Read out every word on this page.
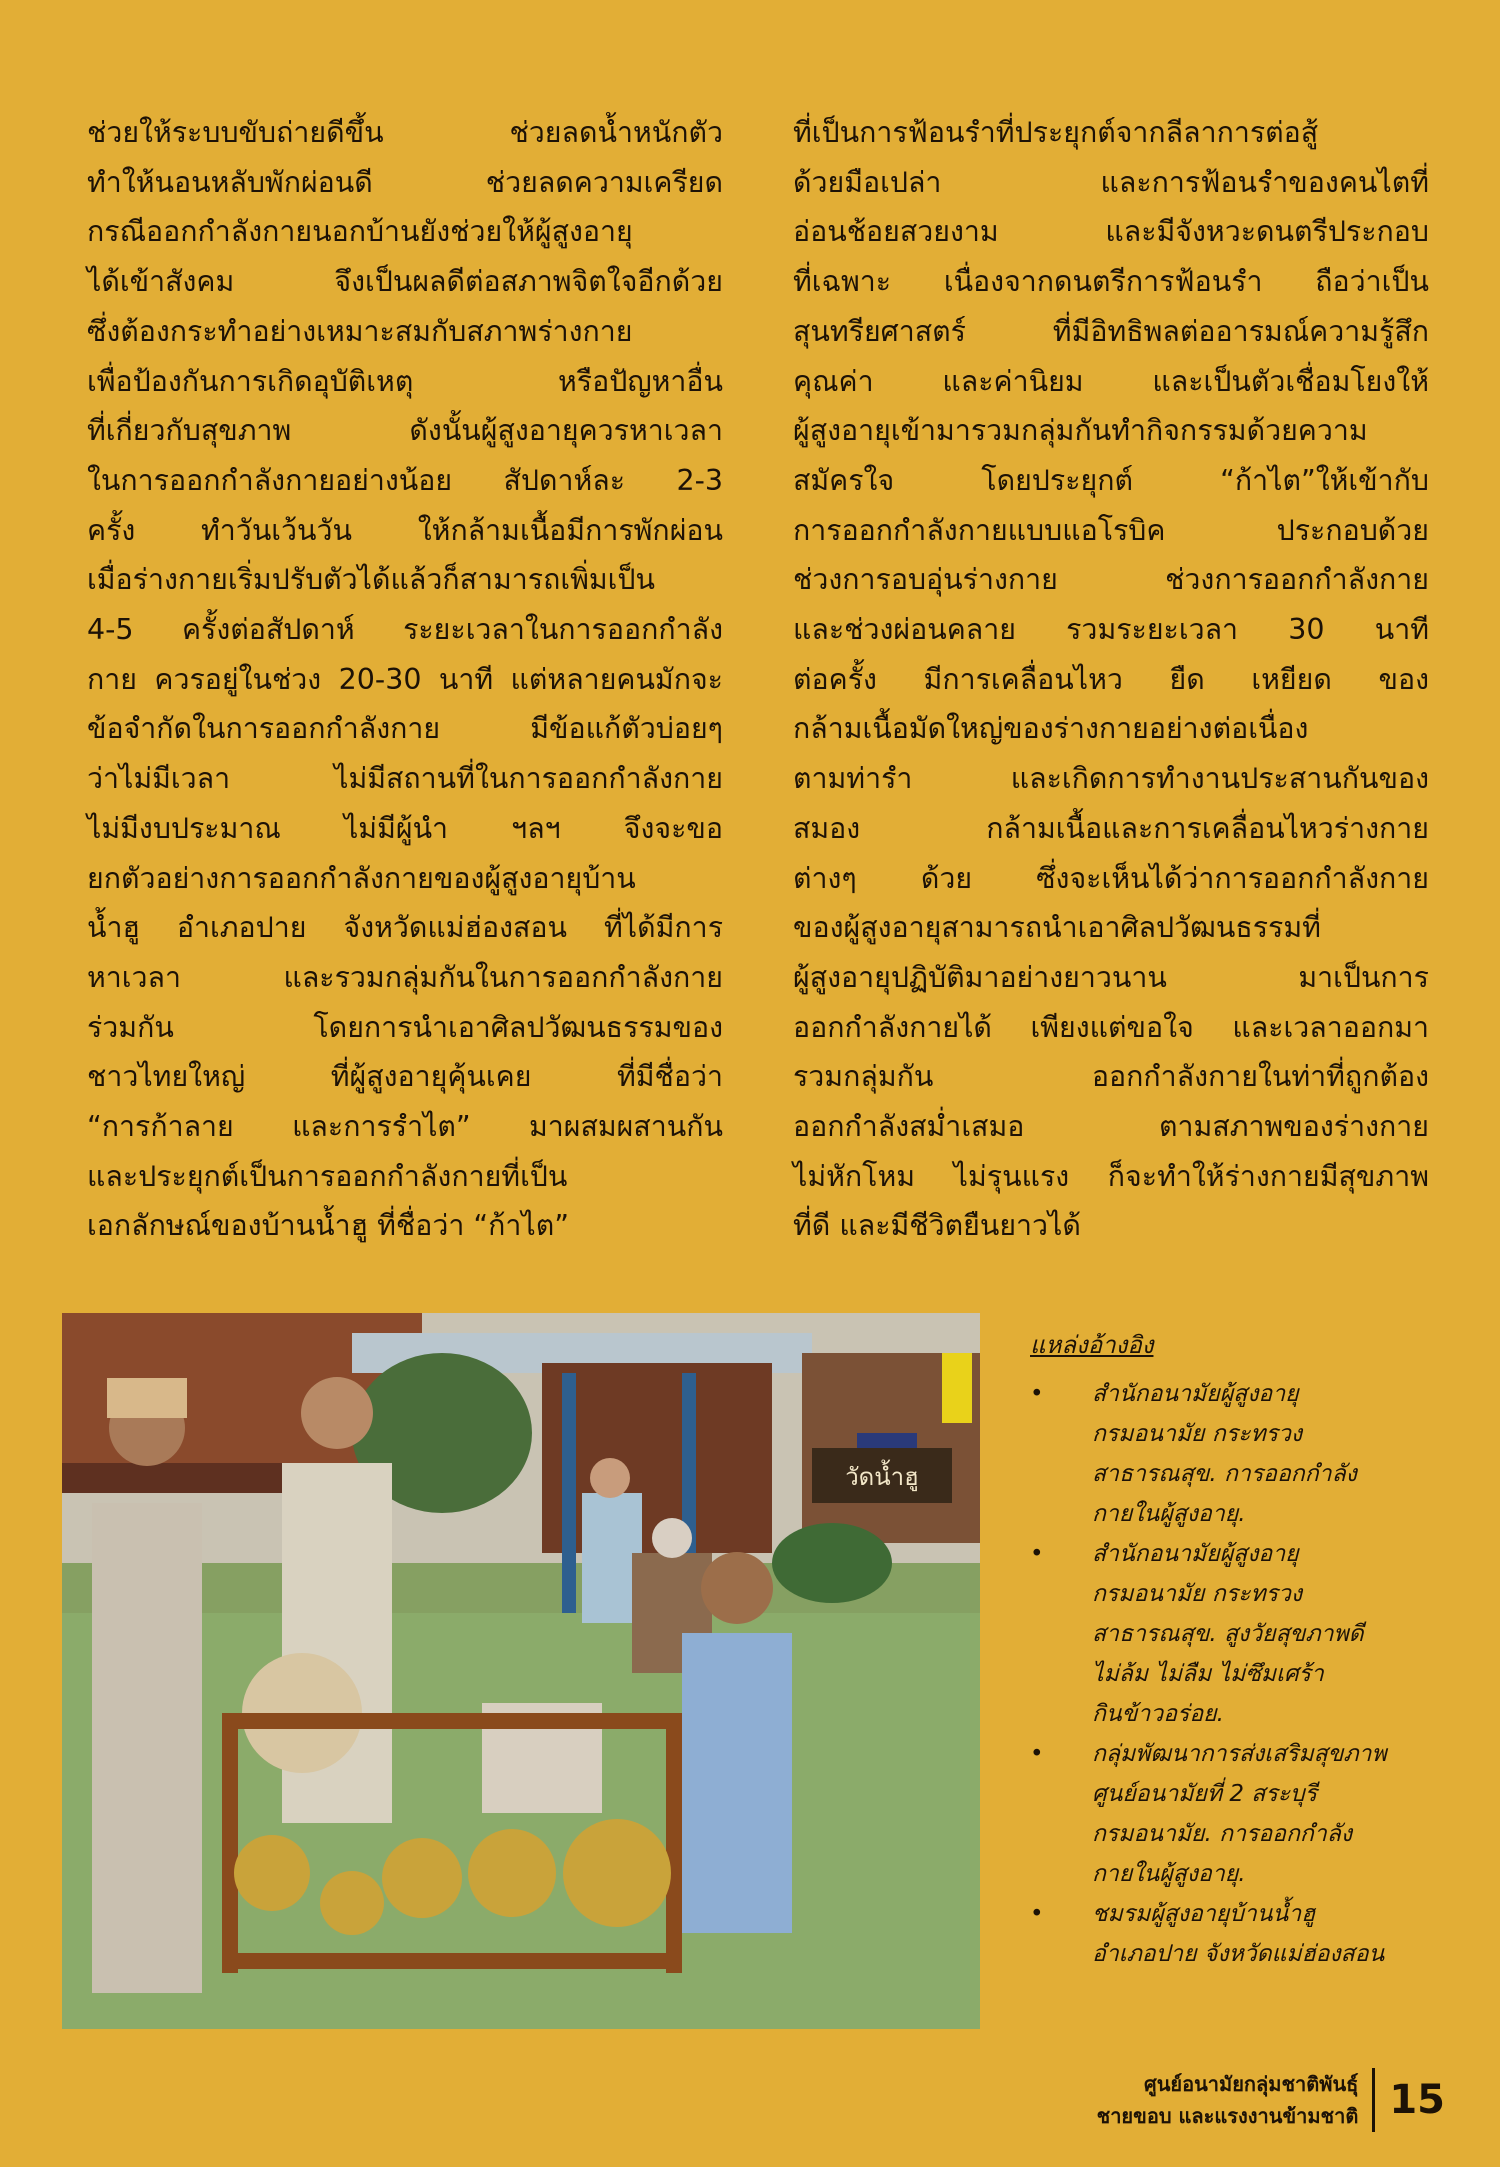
ช่วยให้ระบบขับถ่ายดีขึ้น ช่วยลดน้ำหนักตัว
ทำให้นอนหลับพักผ่อนดี ช่วยลดความเครียด
กรณีออกกำลังกายนอกบ้านยังช่วยให้ผู้สูงอายุ
ได้เข้าสังคม จึงเป็นผลดีต่อสภาพจิตใจอีกด้วย
ซึ่งต้องกระทำอย่างเหมาะสมกับสภาพร่างกาย
เพื่อป้องกันการเกิดอุบัติเหตุ หรือปัญหาอื่น
ที่เกี่ยวกับสุขภาพ ดังนั้นผู้สูงอายุควรหาเวลา
ในการออกกำลังกายอย่างน้อย สัปดาห์ละ 2-3
ครั้ง ทำวันเว้นวัน ให้กล้ามเนื้อมีการพักผ่อน
เมื่อร่างกายเริ่มปรับตัวได้แล้วก็สามารถเพิ่มเป็น
4-5 ครั้งต่อสัปดาห์ ระยะเวลาในการออกกำลัง
กาย ควรอยู่ในช่วง 20-30 นาที แต่หลายคนมักจะ
ข้อจำกัดในการออกกำลังกาย มีข้อแก้ตัวบ่อยๆ
ว่าไม่มีเวลา ไม่มีสถานที่ในการออกกำลังกาย
ไม่มีงบประมาณ ไม่มีผู้นำ ฯลฯ จึงจะขอ
ยกตัวอย่างการออกกำลังกายของผู้สูงอายุบ้าน
น้ำฮู อำเภอปาย จังหวัดแม่ฮ่องสอน ที่ได้มีการ
หาเวลา และรวมกลุ่มกันในการออกกำลังกาย
ร่วมกัน โดยการนำเอาศิลปวัฒนธรรมของ
ชาวไทยใหญ่ ที่ผู้สูงอายุคุ้นเคย ที่มีชื่อว่า
“การก้าลาย และการรำไต” มาผสมผสานกัน
และประยุกต์เป็นการออกกำลังกายที่เป็น
เอกลักษณ์ของบ้านน้ำฮู ที่ชื่อว่า “ก้าไต”
ที่เป็นการฟ้อนรำที่ประยุกต์จากลีลาการต่อสู้
ด้วยมือเปล่า และการฟ้อนรำของคนไตที่
อ่อนช้อยสวยงาม และมีจังหวะดนตรีประกอบ
ที่เฉพาะ เนื่องจากดนตรีการฟ้อนรำ ถือว่าเป็น
สุนทรียศาสตร์ ที่มีอิทธิพลต่ออารมณ์ความรู้สึก
คุณค่า และค่านิยม และเป็นตัวเชื่อมโยงให้
ผู้สูงอายุเข้ามารวมกลุ่มกันทำกิจกรรมด้วยความ
สมัครใจ โดยประยุกต์ “ก้าไต”ให้เข้ากับ
การออกกำลังกายแบบแอโรบิค ประกอบด้วย
ช่วงการอบอุ่นร่างกาย ช่วงการออกกำลังกาย
และช่วงผ่อนคลาย รวมระยะเวลา 30 นาที
ต่อครั้ง มีการเคลื่อนไหว ยืด เหยียด ของ
กล้ามเนื้อมัดใหญ่ของร่างกายอย่างต่อเนื่อง
ตามท่ารำ และเกิดการทำงานประสานกันของ
สมอง กล้ามเนื้อและการเคลื่อนไหวร่างกาย
ต่างๆ ด้วย ซึ่งจะเห็นได้ว่าการออกกำลังกาย
ของผู้สูงอายุสามารถนำเอาศิลปวัฒนธรรมที่
ผู้สูงอายุปฏิบัติมาอย่างยาวนาน มาเป็นการ
ออกกำลังกายได้ เพียงแต่ขอใจ และเวลาออกมา
รวมกลุ่มกัน ออกกำลังกายในท่าที่ถูกต้อง
ออกกำลังสม่ำเสมอ ตามสภาพของร่างกาย
ไม่หักโหม ไม่รุนแรง ก็จะทำให้ร่างกายมีสุขภาพ
ที่ดี และมีชีวิตยืนยาวได้
วัดน้ำฮู
แหล่งอ้างอิง
• สำนักอนามัยผู้สูงอายุ
กรมอนามัย กระทรวง
สาธารณสุข. การออกกำลัง
กายในผู้สูงอายุ.
• สำนักอนามัยผู้สูงอายุ
กรมอนามัย กระทรวง
สาธารณสุข. สูงวัยสุขภาพดี
ไม่ล้ม ไม่ลืม ไม่ซึมเศร้า
กินข้าวอร่อย.
• กลุ่มพัฒนาการส่งเสริมสุขภาพ
ศูนย์อนามัยที่ 2 สระบุรี
กรมอนามัย. การออกกำลัง
กายในผู้สูงอายุ.
• ชมรมผู้สูงอายุบ้านน้ำฮู
อำเภอปาย จังหวัดแม่ฮ่องสอน
ศูนย์อนามัยกลุ่มชาติพันธุ์
ชายขอบ และแรงงานข้ามชาติ 15
